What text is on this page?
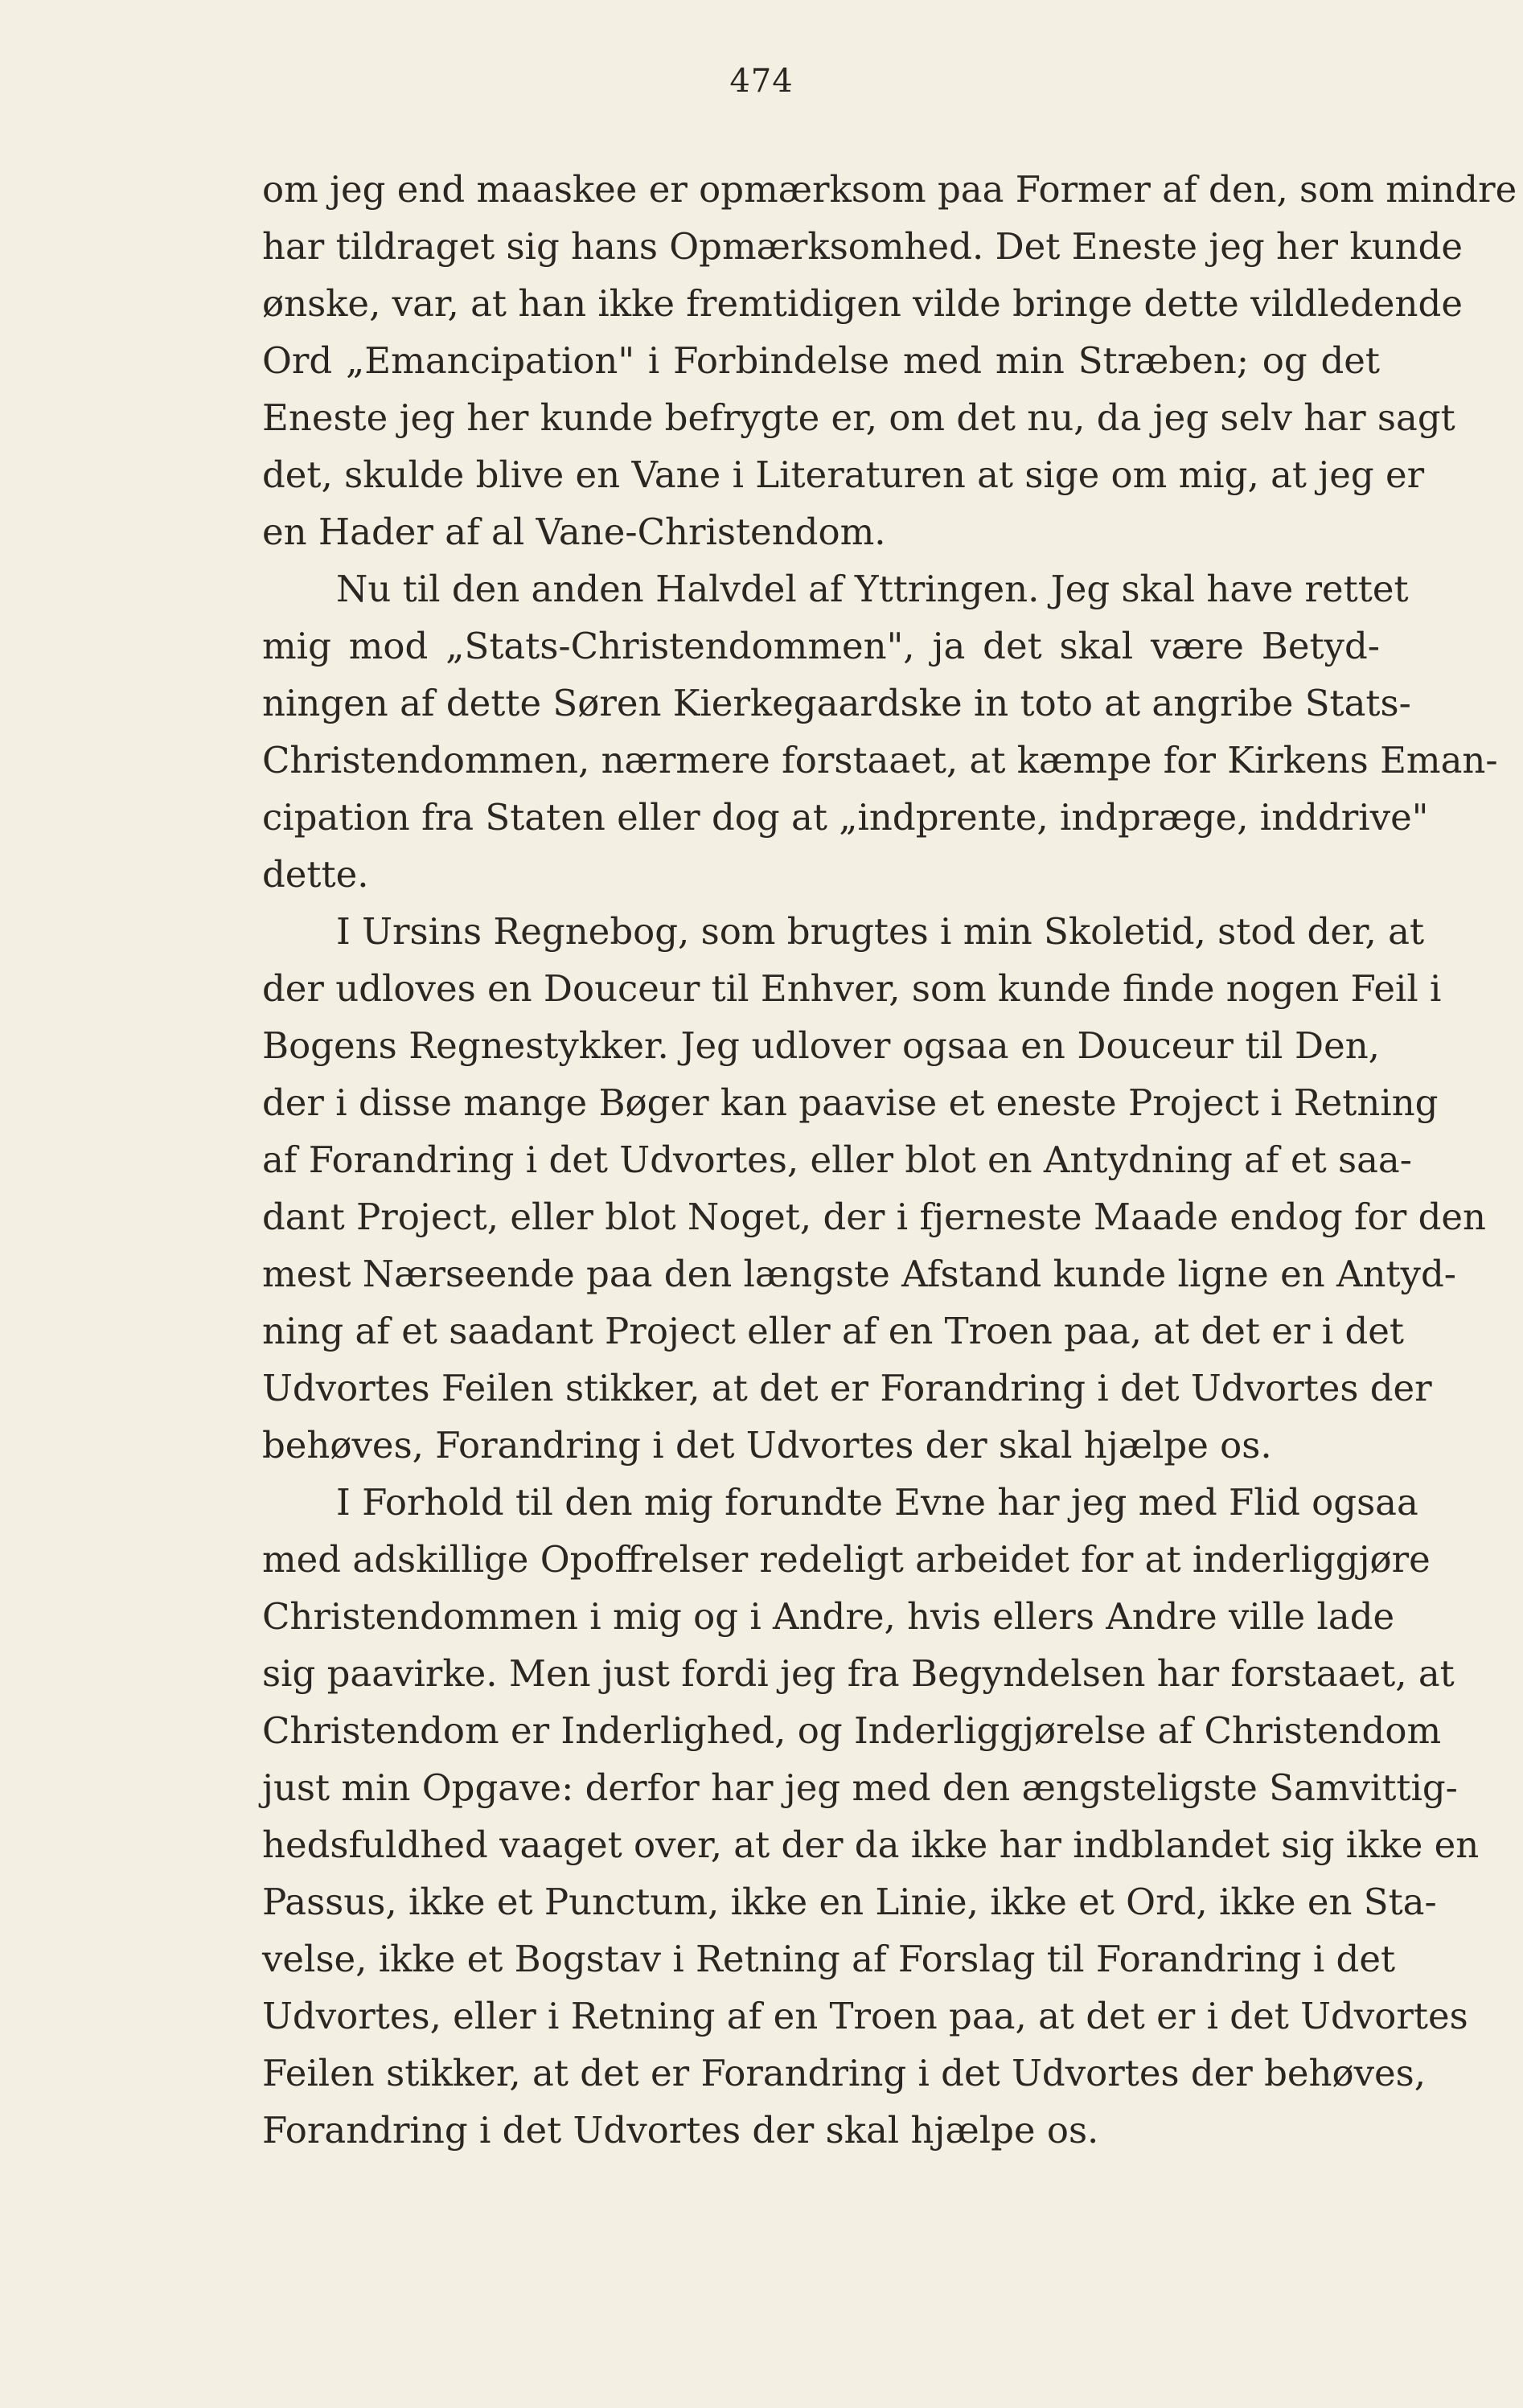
474
om jeg end maaskee er opmærksom paa Former af den, som mindre
har tildraget sig hans Opmærksomhed. Det Eneste jeg her kunde
ønske, var, at han ikke fremtidigen vilde bringe dette vildledende
Ord „Emancipation" i Forbindelse med min Stræben; og det
Eneste jeg her kunde befrygte er, om det nu, da jeg selv har sagt
det, skulde blive en Vane i Literaturen at sige om mig, at jeg er
en Hader af al Vane-Christendom.
Nu til den anden Halvdel af Yttringen. Jeg skal have rettet
mig mod „Stats-Christendommen", ja det skal være Betyd-
ningen af dette Søren Kierkegaardske in toto at angribe Stats-
Christendommen, nærmere forstaaet, at kæmpe for Kirkens Eman-
cipation fra Staten eller dog at „indprente, indpræge, inddrive"
dette.
I Ursins Regnebog, som brugtes i min Skoletid, stod der, at
der udloves en Douceur til Enhver, som kunde finde nogen Feil i
Bogens Regnestykker. Jeg udlover ogsaa en Douceur til Den,
der i disse mange Bøger kan paavise et eneste Project i Retning
af Forandring i det Udvortes, eller blot en Antydning af et saa-
dant Project, eller blot Noget, der i fjerneste Maade endog for den
mest Nærseende paa den længste Afstand kunde ligne en Antyd-
ning af et saadant Project eller af en Troen paa, at det er i det
Udvortes Feilen stikker, at det er Forandring i det Udvortes der
behøves, Forandring i det Udvortes der skal hjælpe os.
I Forhold til den mig forundte Evne har jeg med Flid ogsaa
med adskillige Opoffrelser redeligt arbeidet for at inderliggjøre
Christendommen i mig og i Andre, hvis ellers Andre ville lade
sig paavirke. Men just fordi jeg fra Begyndelsen har forstaaet, at
Christendom er Inderlighed, og Inderliggjørelse af Christendom
just min Opgave: derfor har jeg med den ængsteligste Samvittig-
hedsfuldhed vaaget over, at der da ikke har indblandet sig ikke en
Passus, ikke et Punctum, ikke en Linie, ikke et Ord, ikke en Sta-
velse, ikke et Bogstav i Retning af Forslag til Forandring i det
Udvortes, eller i Retning af en Troen paa, at det er i det Udvortes
Feilen stikker, at det er Forandring i det Udvortes der behøves,
Forandring i det Udvortes der skal hjælpe os.
